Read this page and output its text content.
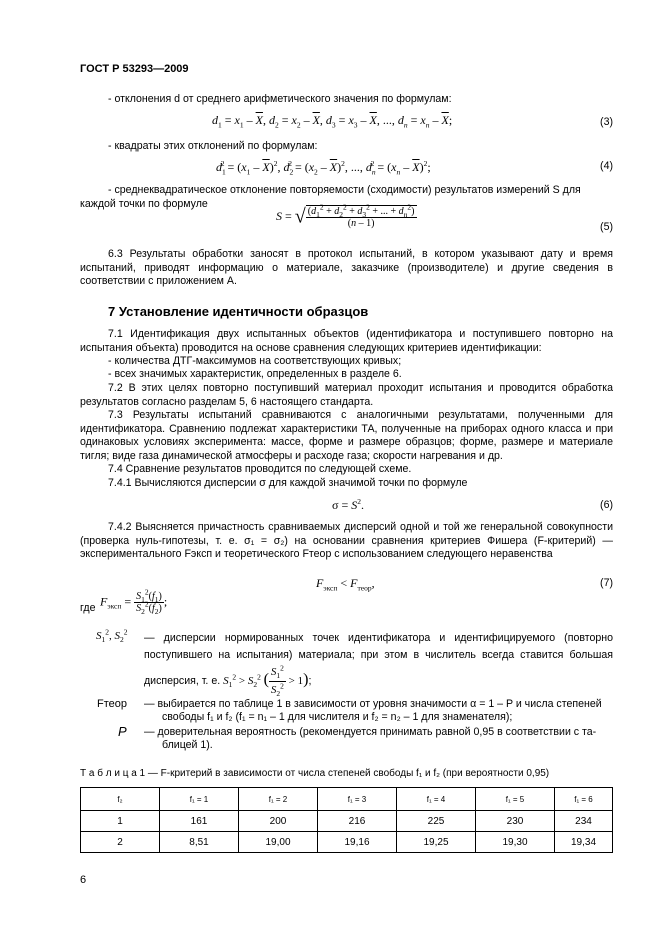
ГОСТ Р 53293—2009
- отклонения d от среднего арифметического значения по формулам:
$d_1 = x_1 - \overline{X}$, $d_2 = x_2 - \overline{X}$, $d_3 = x_3 - \overline{X}$, ..., $d_n = x_n - \overline{X}$;	(3)
- квадраты этих отклонений по формулам:
$d_1^2 = (x_1 - \overline{X})^2$, $d_2^2 = (x_2 - \overline{X})^2$, ..., $d_n^2 = (x_n - \overline{X})^2$;	(4)
- среднеквадратическое отклонение повторяемости (сходимости) результатов измерений S для
каждой точки по формуле
S = √ $\frac{(d_1^2 + d_2^2 + d_3^2 + ... + d_n^2)}{(n - 1)}$	(5)
6.3 Результаты обработки заносят в протокол испытаний, в котором указывают дату и время испытаний, приводят информацию о материале, заказчике (производителе) и другие сведения в соответствии с приложением А.
7 Установление идентичности образцов
7.1 Идентификация двух испытанных объектов (идентификатора и поступившего повторно на испытания объекта) проводится на основе сравнения следующих критериев идентификации:
- количества ДТГ-максимумов на соответствующих кривых;
- всех значимых характеристик, определенных в разделе 6.
7.2 В этих целях повторно поступивший материал проходит испытания и проводится обработка результатов согласно разделам 5, 6 настоящего стандарта.
7.3 Результаты испытаний сравниваются с аналогичными результатами, полученными для идентификатора. Сравнению подлежат характеристики ТА, полученные на приборах одного класса и при одинаковых условиях эксперимента: массе, форме и размере образцов; форме, размере и материале тигля; виде газа динамической атмосферы и расходе газа; скорости нагревания и др.
7.4 Сравнение результатов проводится по следующей схеме.
7.4.1 Вычисляются дисперсии σ для каждой значимой точки по формуле
$\sigma = S^2$.	(6)
7.4.2 Выясняется причастность сравниваемых дисперсий одной и той же генеральной совокупности (проверка нуль-гипотезы, т. е. σ₁ = σ₂) на основании сравнения критериев Фишера (F-критерий) — экспериментального Fэксп и теоретического Fтеор с использованием следующего неравенства
$F_{эксп} < F_{теор}$,	(7)
где $F_{эксп} = \frac{S_1^2(f_1)}{S_2^2(f_2)}$ ;
$S_1^2$, $S_2^2$
— дисперсии нормированных точек идентификатора и идентифицируемого (повторно поступившего на испытания) материала; при этом в числитель всегда ставится большая дисперсия, т. е. $S_1^2 > S_2^2$ ( $\frac{S_1^2}{S_2^2} > 1$);
Fтеор — выбирается по таблице 1 в зависимости от уровня значимости α = 1 – P и числа степеней
свободы f₁ и f₂ (f₁ = n₁ – 1 для числителя и f₂ = n₂ – 1 для знаменателя);
P — доверительная вероятность (рекомендуется принимать равной 0,95 в соответствии с та-
блицей 1).
Т а б л и ц а 1 — F-критерий в зависимости от числа степеней свободы f₁ и f₂ (при вероятности 0,95)
f₂	f₁ = 1	f₁ = 2	f₁ = 3	f₁ = 4	f₁ = 5	f₁ = 6
1	161	200	216	225	230	234
2	8,51	19,00	19,16	19,25	19,30	19,34
6
